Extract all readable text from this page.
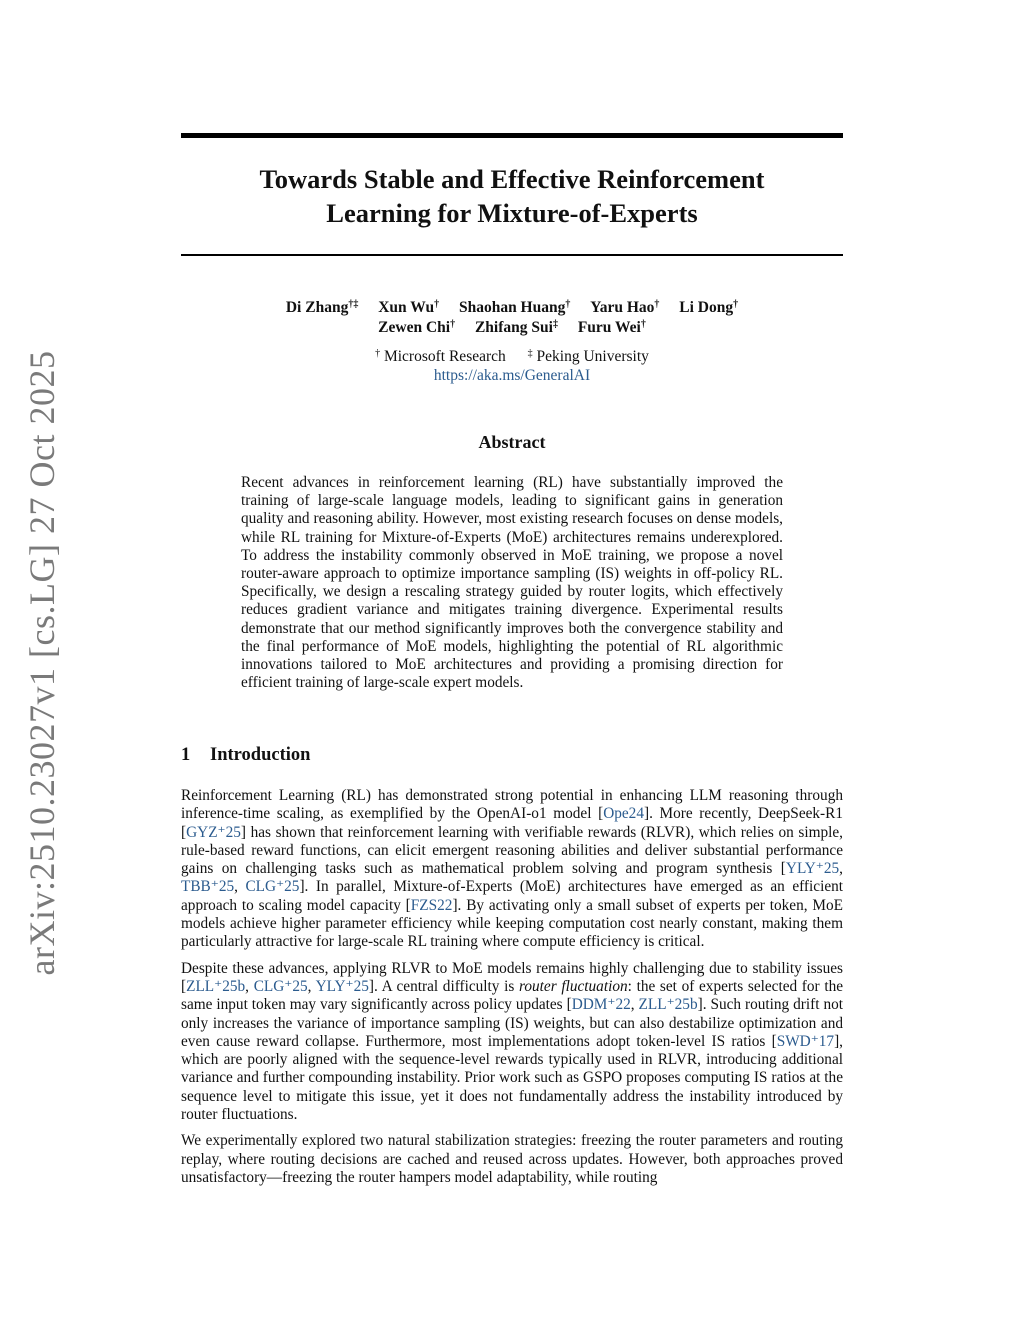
arXiv:2510.23027v1 [cs.LG] 27 Oct 2025
Towards Stable and Effective Reinforcement
Learning for Mixture-of-Experts
Di Zhang†‡ Xun Wu† Shaohan Huang† Yaru Hao† Li Dong†
Zewen Chi† Zhifang Sui‡ Furu Wei†
† Microsoft Research ‡ Peking University
https://aka.ms/GeneralAI
Abstract

Recent advances in reinforcement learning (RL) have substantially improved the training of large-scale language models, leading to significant gains in generation quality and reasoning ability. However, most existing research focuses on dense models, while RL training for Mixture-of-Experts (MoE) architectures remains underexplored. To address the instability commonly observed in MoE training, we propose a novel router-aware approach to optimize importance sampling (IS) weights in off-policy RL. Specifically, we design a rescaling strategy guided by router logits, which effectively reduces gradient variance and mitigates training divergence. Experimental results demonstrate that our method significantly improves both the convergence stability and the final performance of MoE models, highlighting the potential of RL algorithmic innovations tailored to MoE architectures and providing a promising direction for efficient training of large-scale expert models.

1 Introduction

Reinforcement Learning (RL) has demonstrated strong potential in enhancing LLM reasoning through inference-time scaling, as exemplified by the OpenAI-o1 model [Ope24]. More recently, DeepSeek-R1 [GYZ⁺25] has shown that reinforcement learning with verifiable rewards (RLVR), which relies on simple, rule-based reward functions, can elicit emergent reasoning abilities and deliver substantial performance gains on challenging tasks such as mathematical problem solving and program synthesis [YLY⁺25, TBB⁺25, CLG⁺25]. In parallel, Mixture-of-Experts (MoE) architectures have emerged as an efficient approach to scaling model capacity [FZS22]. By activating only a small subset of experts per token, MoE models achieve higher parameter efficiency while keeping computation cost nearly constant, making them particularly attractive for large-scale RL training where compute efficiency is critical.

Despite these advances, applying RLVR to MoE models remains highly challenging due to stability issues [ZLL⁺25b, CLG⁺25, YLY⁺25]. A central difficulty is router fluctuation: the set of experts selected for the same input token may vary significantly across policy updates [DDM⁺22, ZLL⁺25b]. Such routing drift not only increases the variance of importance sampling (IS) weights, but can also destabilize optimization and even cause reward collapse. Furthermore, most implementations adopt token-level IS ratios [SWD⁺17], which are poorly aligned with the sequence-level rewards typically used in RLVR, introducing additional variance and further compounding instability. Prior work such as GSPO proposes computing IS ratios at the sequence level to mitigate this issue, yet it does not fundamentally address the instability introduced by router fluctuations.

We experimentally explored two natural stabilization strategies: freezing the router parameters and routing replay, where routing decisions are cached and reused across updates. However, both approaches proved unsatisfactory—freezing the router hampers model adaptability, while routing
